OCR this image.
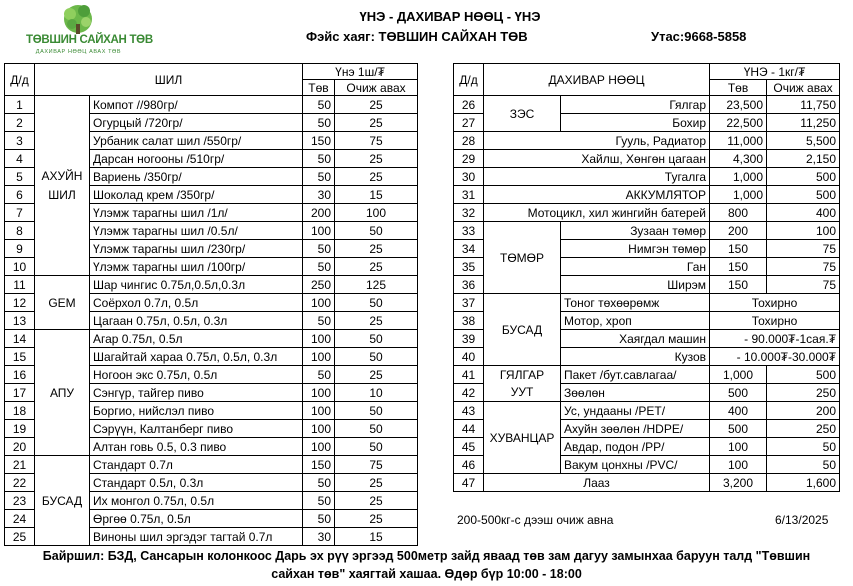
ТӨВШИН САЙХАН ТӨВ
ДАХИВАР НӨӨЦ АВАХ ТӨВ
ҮНЭ - ДАХИВАР НӨӨЦ - ҮНЭ
Фэйс хаяг: ТӨВШИН САЙХАН ТӨВ	Утас:9668-5858
Д/д	ШИЛ		Үнэ 1ш/₮	
			Төв	Очиж авах
1	АХУЙН ШИЛ	Компот //980гр/	50	25
2		Огурцый /720гр/	50	25
3		Урбаник салат шил /550гр/	150	75
4		Дарсан ногооны /510гр/	50	25
5		Вариень /350гр/	50	25
6		Шоколад крем /350гр/	30	15
7		Үлэмж тарагны шил /1л/	200	100
8		Үлэмж тарагны шил /0.5л/	100	50
9		Үлэмж тарагны шил /230гр/	50	25
10		Үлэмж тарагны шил /100гр/	50	25
11	GEM	Шар чингис 0.75л,0.5л,0.3л	250	125
12		Соёрхол 0.7л, 0.5л	100	50
13		Цагаан 0.75л, 0.5л, 0.3л	50	25
14	АПУ	Агар 0.75л, 0.5л	100	50
15		Шагайтай хараа 0.75л, 0.5л, 0.3л	100	50
16		Ногоон экс 0.75л, 0.5л	50	25
17		Сэнгүр, тайгер пиво	100	10
18		Боргио, нийслэл пиво	100	50
19		Сэрүүн, Калтанберг пиво	100	50
20		Алтан говь 0.5, 0.3 пиво	100	50
21	БУСАД	Стандарт 0.7л	150	75
22		Стандарт 0.5л, 0.3л	50	25
23		Их монгол 0.75л, 0.5л	50	25
24		Өргөө 0.75л, 0.5л	50	25
25		Виноны шил эргэдэг тагтай 0.7л	30	15
Д/д	ДАХИВАР НӨӨЦ		ҮНЭ - 1кг/₮	
			Төв	Очиж авах
26	ЗЭС	Гялгар	23,500	11,750
27		Бохир	22,500	11,250
28	Гууль, Радиатор		11,000	5,500
29	Хайлш, Хөнгөн цагаан		4,300	2,150
30	Тугалга		1,000	500
31	АККУМЛЯТОР		1,000	500
32	Мотоцикл, хил жингийн батерей		800	400
33	ТӨМӨР	Зузаан төмөр	200	100
34		Нимгэн төмөр	150	75
35		Ган	150	75
36		Ширэм	150	75
37	БУСАД	Тоног төхөөрөмж	Тохирно	
38		Мотор, хроп	Тохирно	
39		Хаягдал машин	- 90.000₮-1сая.₮	
40		Кузов	- 10.000₮-30.000₮	
41	ГЯЛГАР УУТ	Пакет /бут.савлагаа/	1,000	500
42		Зөөлөн	500	250
43	ХУВАНЦАР	Ус, ундааны /PET/	400	200
44		Ахуйн зөөлөн /HDPE/	500	250
45		Авдар, подон /PP/	100	50
46		Вакум цонхны /PVC/	100	50
47	Лааз		3,200	1,600
200-500кг-с дээш очиж авна	6/13/2025
Байршил: БЗД, Сансарын колонкоос Дарь эх рүү эргээд 500метр зайд яваад төв зам дагуу замынхаа баруун талд "Төвшин
сайхан төв" хаягтай хашаа. Өдөр бүр 10:00 - 18:00
